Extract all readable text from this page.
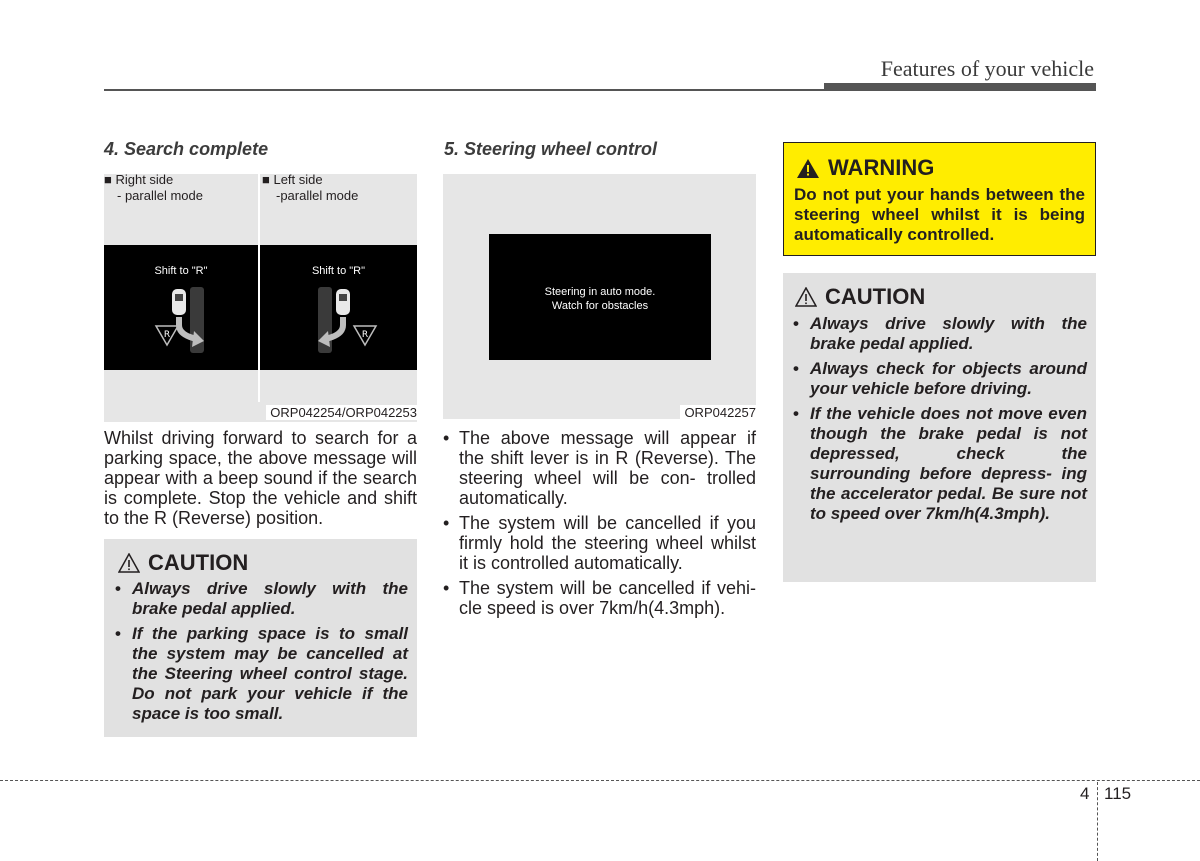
Features of your vehicle
4. Search complete
■ Right side
- parallel mode
■ Left side
-parallel mode
Shift to "R"
R
Shift to "R"
R
ORP042254/ORP042253
Whilst driving forward to search for a parking space, the above message will appear with a beep sound if the search is complete. Stop the vehicle and shift to the R (Reverse) position.
CAUTION
• Always drive slowly with the brake pedal applied.
• If the parking space is to small the system may be cancelled at the Steering wheel control stage. Do not park your vehicle if the space is too small.
5. Steering wheel control
Steering in auto mode.
Watch for obstacles
ORP042257
• The above message will appear if the shift lever is in R (Reverse). The steering wheel will be con- trolled automatically.
• The system will be cancelled if you firmly hold the steering wheel whilst it is controlled automatically.
• The system will be cancelled if vehi- cle speed is over 7km/h(4.3mph).
WARNING
Do not put your hands between the steering wheel whilst it is being automatically controlled.
CAUTION
• Always drive slowly with the brake pedal applied.
• Always check for objects around your vehicle before driving.
• If the vehicle does not move even though the brake pedal is not depressed, check the surrounding before depress- ing the accelerator pedal. Be sure not to speed over 7km/h(4.3mph).
4 115
